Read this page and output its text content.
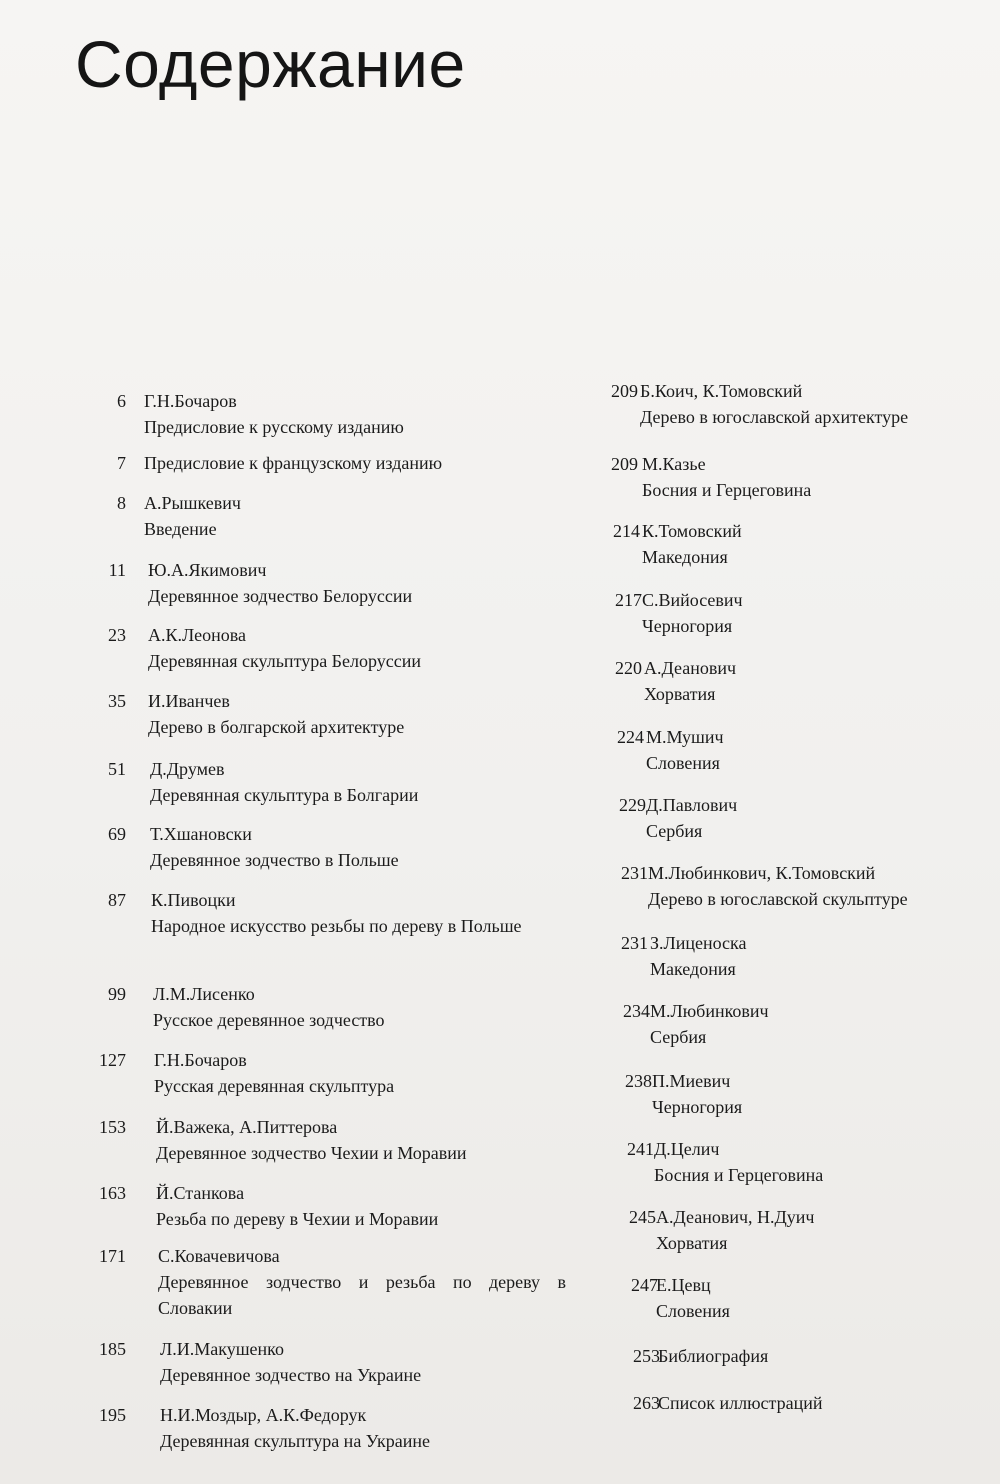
Содержание
6 Г.Н.Бочаров
Предисловие к русскому изданию
7 Предисловие к французскому изданию
8 А.Рышкевич
Введение
11 Ю.А.Якимович
Деревянное зодчество Белоруссии
23 А.К.Леонова
Деревянная скульптура Белоруссии
35 И.Иванчев
Дерево в болгарской архитектуре
51 Д.Друмев
Деревянная скульптура в Болгарии
69 Т.Хшановски
Деревянное зодчество в Польше
87 К.Пивоцки
Народное искусство резьбы по дереву в Польше
99 Л.М.Лисенко
Русское деревянное зодчество
127 Г.Н.Бочаров
Русская деревянная скульптура
153 Й.Важека, А.Питтерова
Деревянное зодчество Чехии и Моравии
163 Й.Станкова
Резьба по дереву в Чехии и Моравии
171 С.Ковачевичова
Деревянное зодчество и резьба по дереву в Словакии
185 Л.И.Макушенко
Деревянное зодчество на Украине
195 Н.И.Моздыр, А.К.Федорук
Деревянная скульптура на Украине
209 Б.Коич, К.Томовский
Дерево в югославской архитектуре
209 М.Казье
Босния и Герцеговина
214 К.Томовский
Македония
217 С.Вийосевич
Черногория
220 А.Деанович
Хорватия
224 М.Мушич
Словения
229 Д.Павлович
Сербия
231 М.Любинкович, К.Томовский
Дерево в югославской скульптуре
231 З.Лиценоска
Македония
234 М.Любинкович
Сербия
238 П.Миевич
Черногория
241 Д.Целич
Босния и Герцеговина
245 А.Деанович, Н.Дуич
Хорватия
247
Е.Цевц
Словения
253
Библиография
263
Список иллюстраций
